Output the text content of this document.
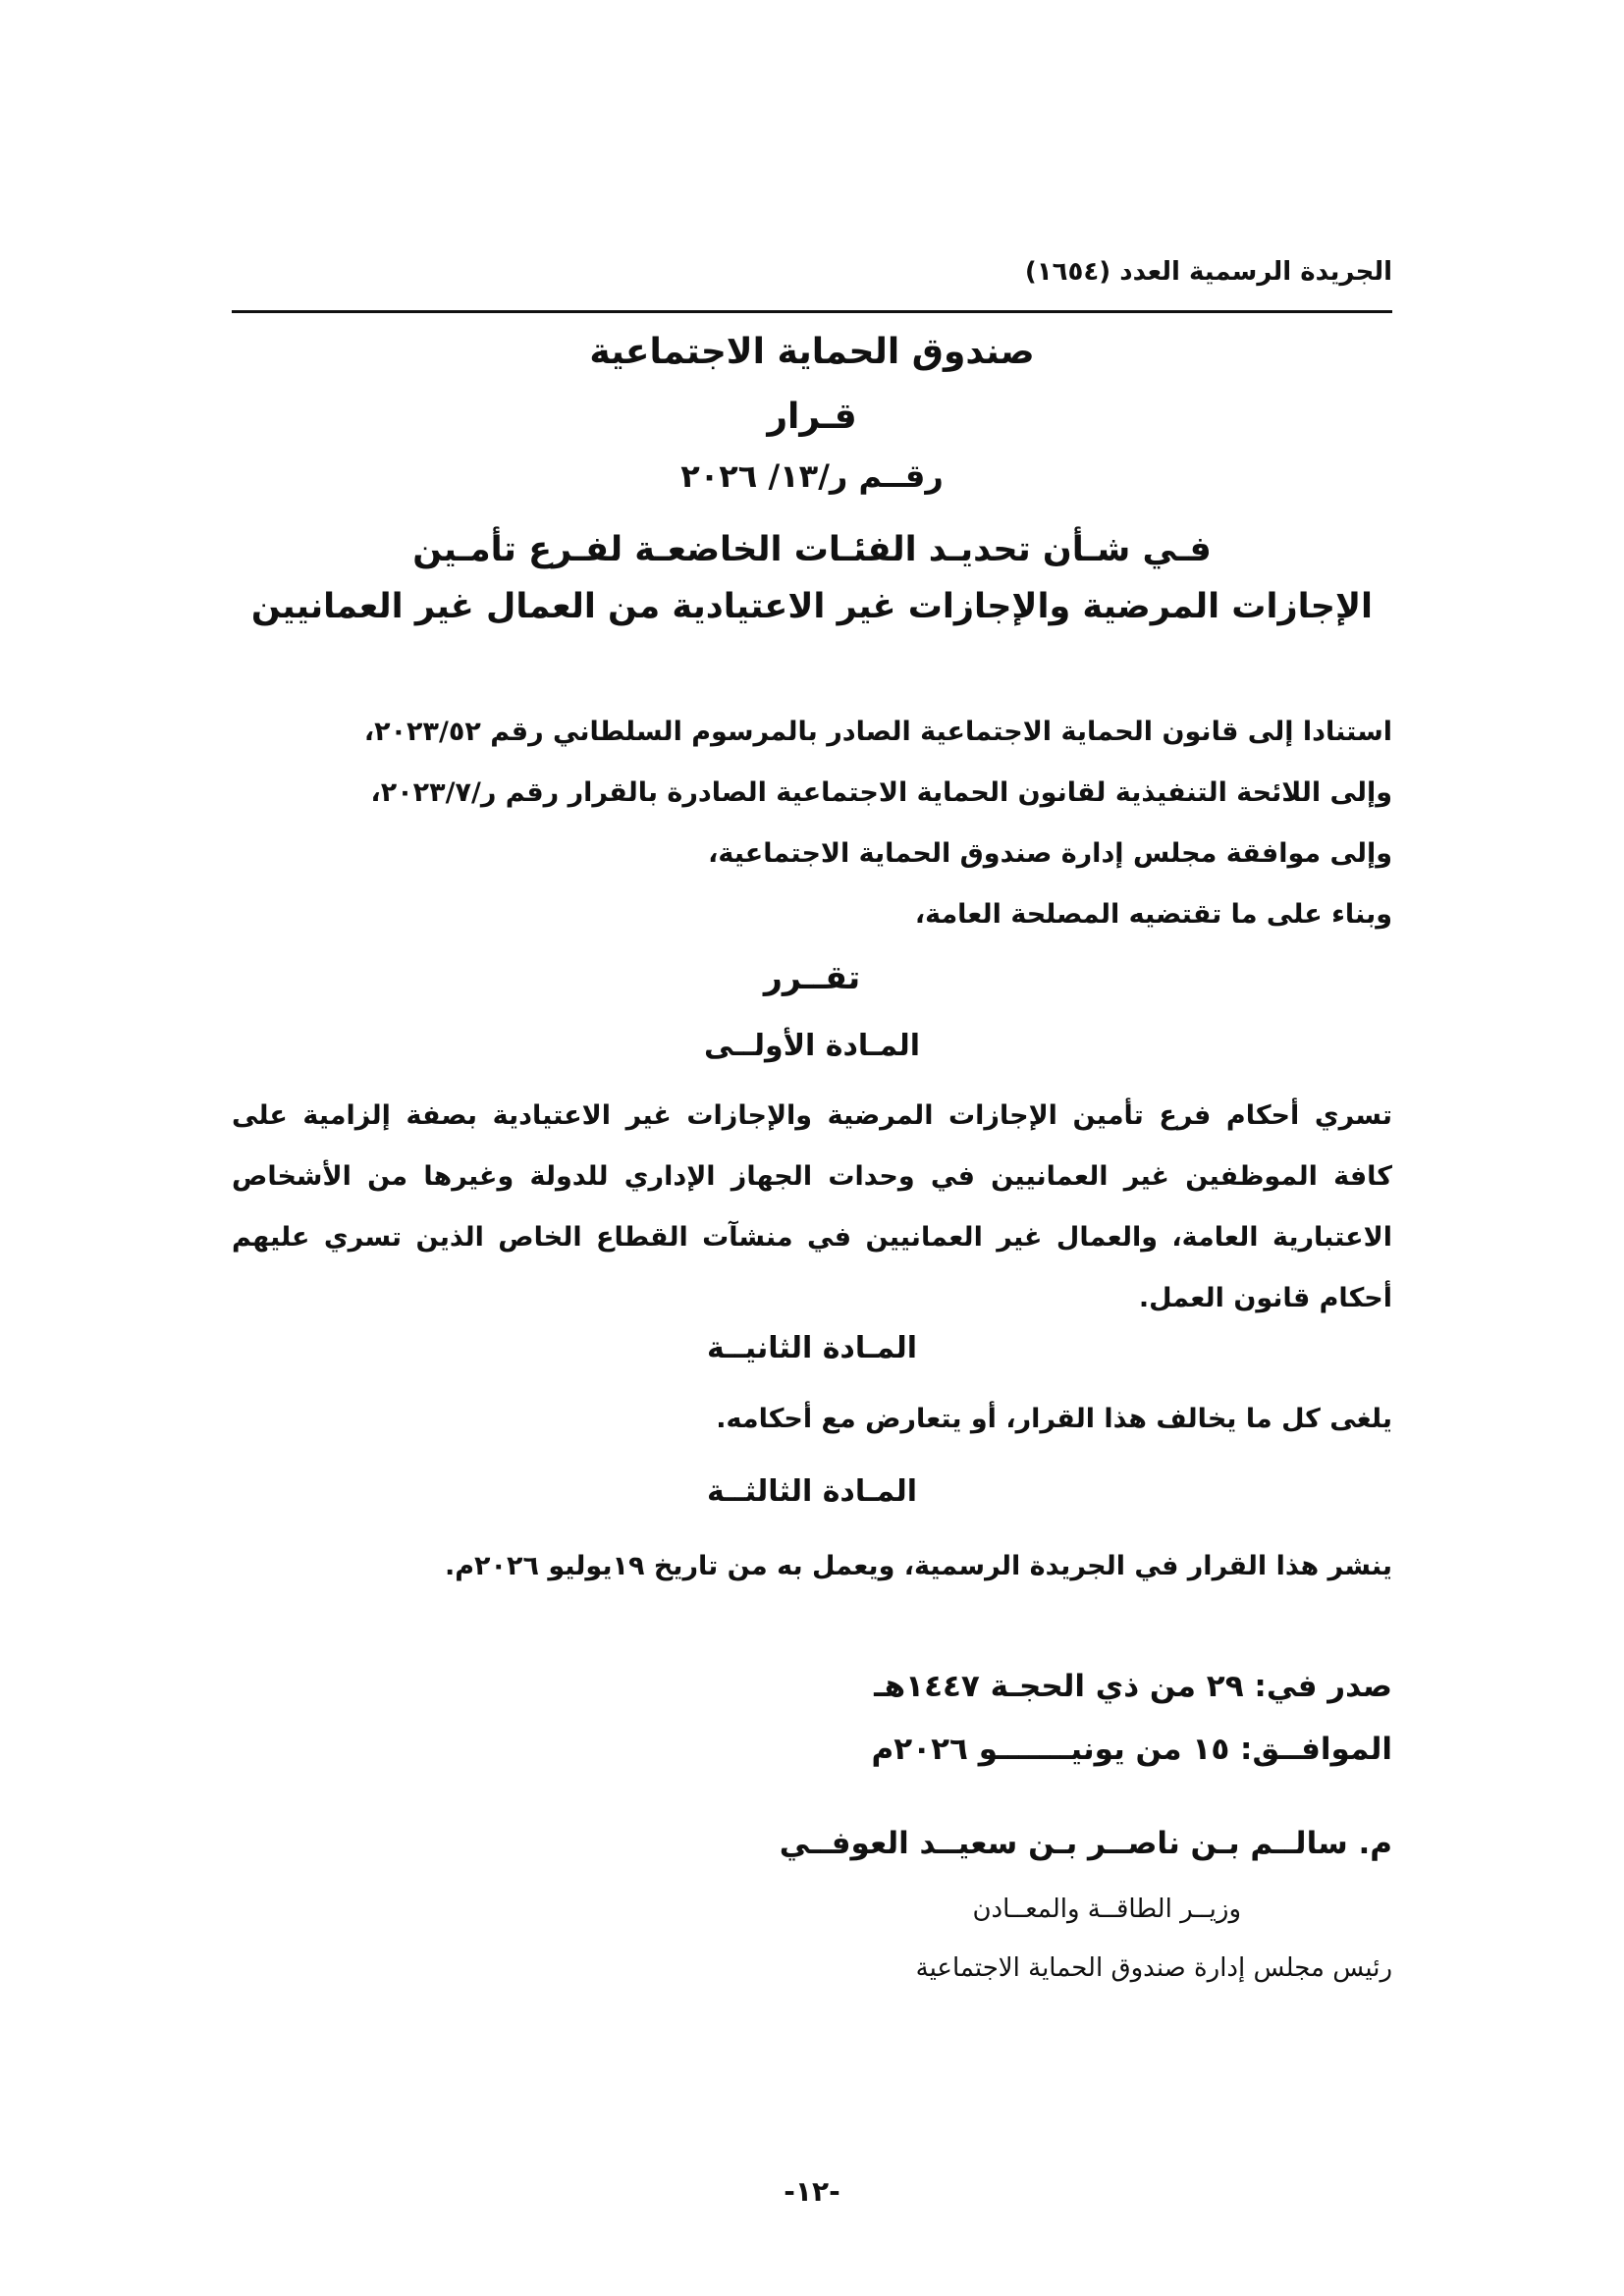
الجريدة الرسمية العدد (١٦٥٤)
صندوق الحماية الاجتماعية
قـرار
رقــم ر/١٣/ ٢٠٢٦
فـي شـأن تحديـد الفئـات الخاضعـة لفـرع تأمـين
الإجازات المرضية والإجازات غير الاعتيادية من العمال غير العمانيين
استنادا إلى قانون الحماية الاجتماعية الصادر بالمرسوم السلطاني رقم ٢٠٢٣/٥٢،
وإلى اللائحة التنفيذية لقانون الحماية الاجتماعية الصادرة بالقرار رقم ر/٢٠٢٣/٧،
وإلى موافقة مجلس إدارة صندوق الحماية الاجتماعية،
وبناء على ما تقتضيه المصلحة العامة،
تقــرر
المـادة الأولــى
تسري أحكام فرع تأمين الإجازات المرضية والإجازات غير الاعتيادية بصفة إلزامية على كافة الموظفين غير العمانيين في وحدات الجهاز الإداري للدولة وغيرها من الأشخاص الاعتبارية العامة، والعمال غير العمانيين في منشآت القطاع الخاص الذين تسري عليهم أحكام قانون العمل.
المـادة الثانيــة
يلغى كل ما يخالف هذا القرار، أو يتعارض مع أحكامه.
المـادة الثالثــة
ينشر هذا القرار في الجريدة الرسمية، ويعمل به من تاريخ ١٩يوليو ٢٠٢٦م.
صدر في: ٢٩ من ذي الحجـة ١٤٤٧هـ
الموافــق: ١٥ من يونيـــــــو ٢٠٢٦م
م. سالــم بـن ناصــر بـن سعيــد العوفــي
وزيــر الطاقــة والمعــادن
رئيس مجلس إدارة صندوق الحماية الاجتماعية
-١٢-
